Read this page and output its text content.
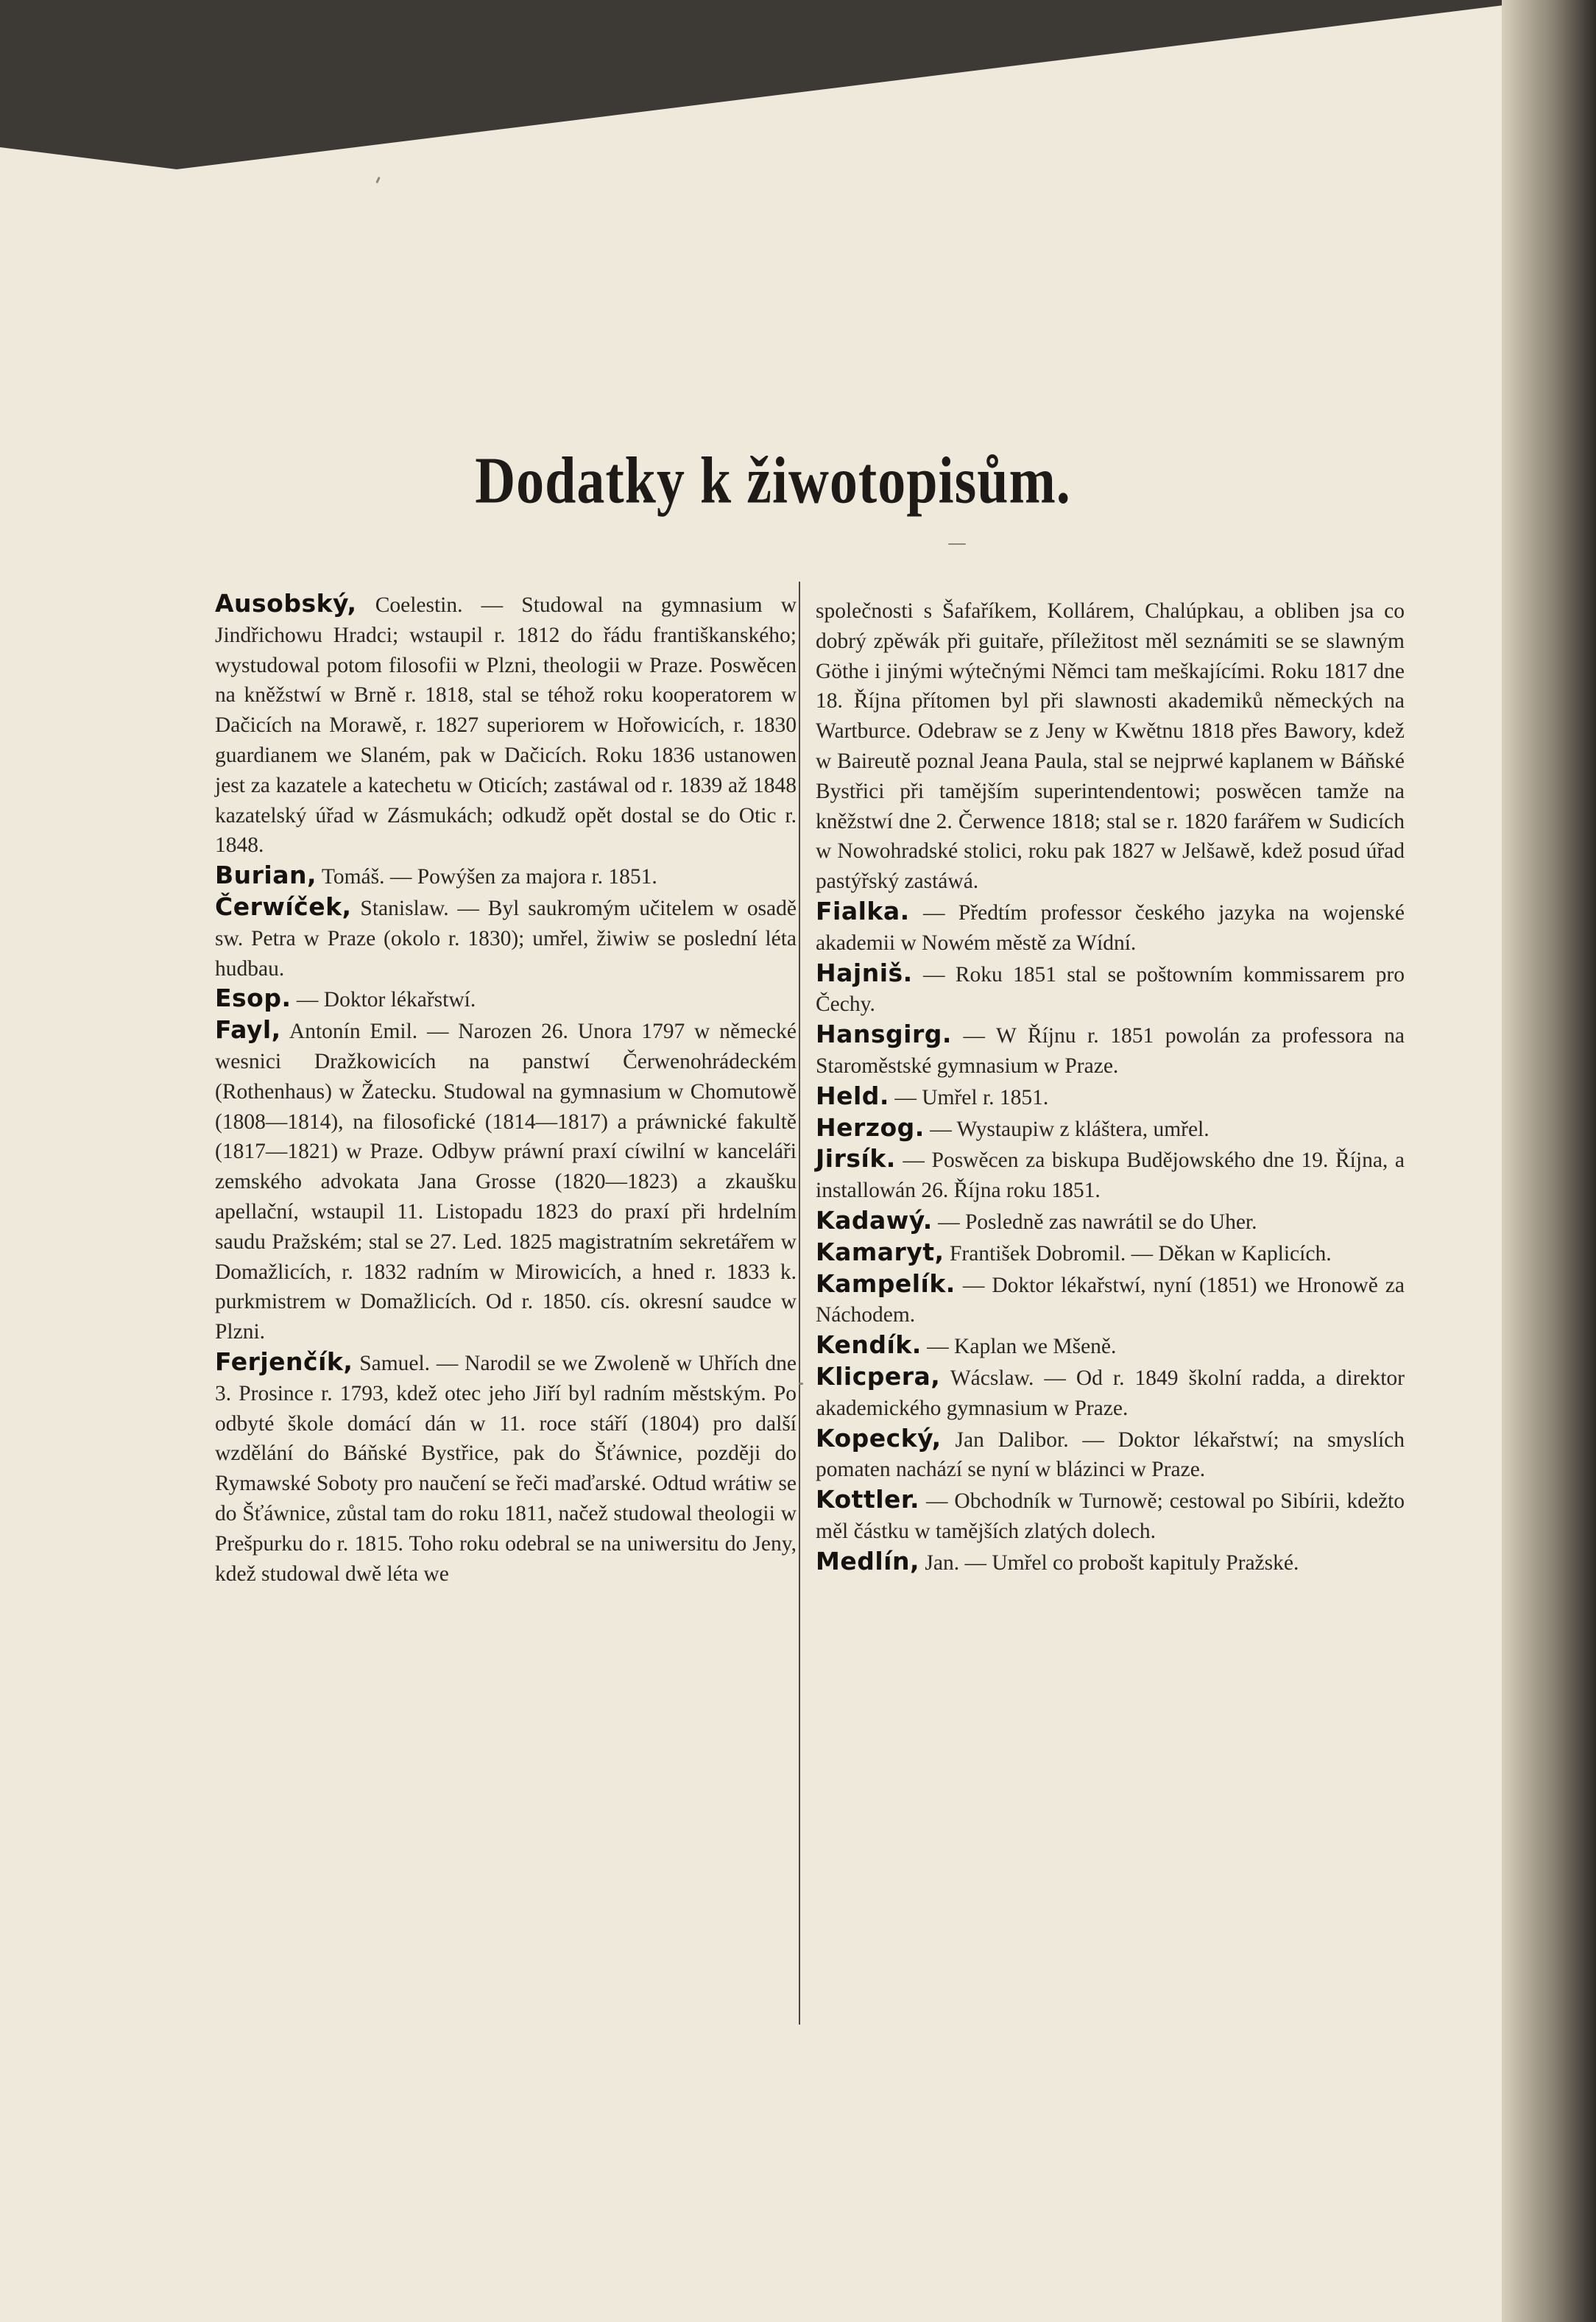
Dodatky k žiwotopisům.

Ausobský, Coelestin. — Studowal na gymnasium w Jindřichowu Hradci; wstaupil r. 1812 do řádu františkanského; wystudowal potom filosofii w Plzni, theologii w Praze. Poswěcen na kněžstwí w Brně r. 1818, stal se téhož roku kooperatorem w Dačicích na Morawě, r. 1827 superiorem w Hořowicích, r. 1830 guardianem we Slaném, pak w Dačicích. Roku 1836 ustanowen jest za kazatele a katechetu w Oticích; zastáwal od r. 1839 až 1848 kazatelský úřad w Zásmukách; odkudž opět dostal se do Otic r. 1848.

Burian, Tomáš. — Powýšen za majora r. 1851.

Čerwíček, Stanislaw. — Byl saukromým učitelem w osadě sw. Petra w Praze (okolo r. 1830); umřel, žiwiw se poslední léta hudbau.

Esop. — Doktor lékařstwí.

Fayl, Antonín Emil. — Narozen 26. Unora 1797 w německé wesnici Dražkowicích na panstwí Čerwenohrádeckém (Rothenhaus) w Žatecku. Studowal na gymnasium w Chomutowě (1808—1814), na filosofické (1814—1817) a práwnické fakultě (1817—1821) w Praze. Odbyw práwní praxí cíwilní w kanceláři zemského advokata Jana Grosse (1820—1823) a zkaušku apellační, wstaupil 11. Listopadu 1823 do praxí při hrdelním saudu Pražském; stal se 27. Led. 1825 magistratním sekretářem w Domažlicích, r. 1832 radním w Mirowicích, a hned r. 1833 k. purkmistrem w Domažlicích. Od r. 1850. cís. okresní saudce w Plzni.

Ferjenčík, Samuel. — Narodil se we Zwoleně w Uhřích dne 3. Prosince r. 1793, kdež otec jeho Jiří byl radním městským. Po odbyté škole domácí dán w 11. roce stáří (1804) pro další wzdělání do Báňské Bystřice, pak do Šťáwnice, později do Rymawské Soboty pro naučení se řeči maďarské. Odtud wrátiw se do Šťáwnice, zůstal tam do roku 1811, načež studowal theologii w Prešpurku do r. 1815. Toho roku odebral se na uniwersitu do Jeny, kdež studowal dwě léta we

společnosti s Šafaříkem, Kollárem, Chalúpkau, a obliben jsa co dobrý zpěwák při guitaře, příležitost měl seznámiti se se slawným Göthe i jinými wýtečnými Němci tam meškajícími. Roku 1817 dne 18. Října přítomen byl při slawnosti akademiků německých na Wartburce. Odebraw se z Jeny w Kwětnu 1818 přes Bawory, kdež w Baireutě poznal Jeana Paula, stal se nejprwé kaplanem w Báňské Bystřici při tamějším superintendentowi; poswěcen tamže na kněžstwí dne 2. Čerwence 1818; stal se r. 1820 farářem w Sudicích w Nowohradské stolici, roku pak 1827 w Jelšawě, kdež posud úřad pastýřský zastáwá.

Fialka. — Předtím professor českého jazyka na wojenské akademii w Nowém městě za Wídní.

Hajniš. — Roku 1851 stal se poštowním kommissarem pro Čechy.

Hansgirg. — W Říjnu r. 1851 powolán za professora na Staroměstské gymnasium w Praze.

Held. — Umřel r. 1851.

Herzog. — Wystaupiw z kláštera, umřel.

Jirsík. — Poswěcen za biskupa Budějowského dne 19. Října, a installowán 26. Října roku 1851.

Kadawý. — Posledně zas nawrátil se do Uher.

Kamaryt, František Dobromil. — Děkan w Kaplicích.

Kampelík. — Doktor lékařstwí, nyní (1851) we Hronowě za Náchodem.

Kendík. — Kaplan we Mšeně.

Klicpera, Wácslaw. — Od r. 1849 školní radda, a direktor akademického gymnasium w Praze.

Kopecký, Jan Dalibor. — Doktor lékařstwí; na smyslích pomaten nachází se nyní w blázinci w Praze.

Kottler. — Obchodník w Turnowě; cestowal po Sibírii, kdežto měl částku w tamějších zlatých dolech.

Medlín, Jan. — Umřel co probošt kapituly Pražské.
